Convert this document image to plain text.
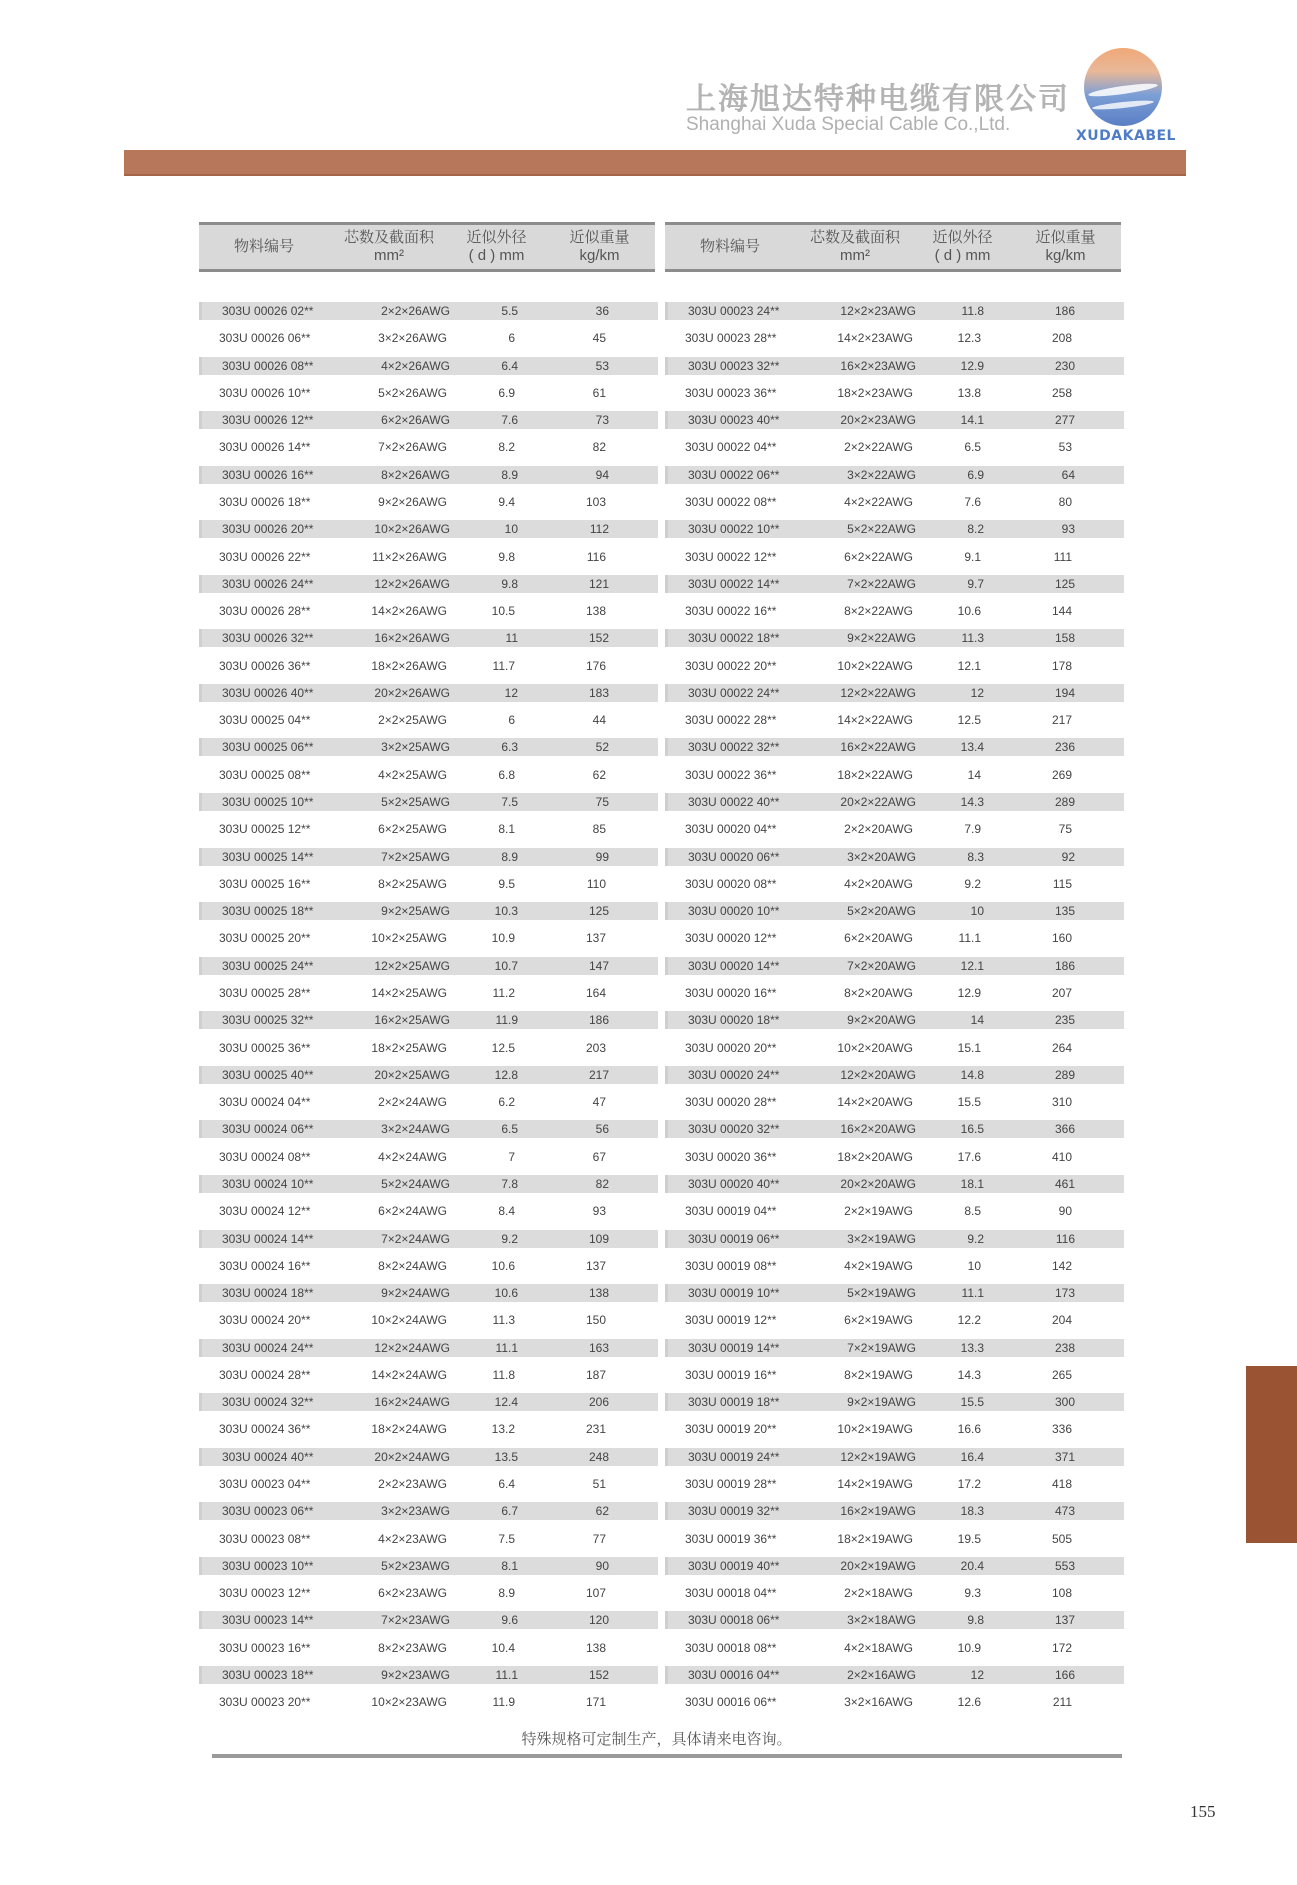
上海旭达特种电缆有限公司
Shanghai Xuda Special Cable Co.,Ltd.
XUDAKABEL
物料编号
芯数及截面积
mm²
近似外径
( d ) mm
近似重量
kg/km
303U 00026 02**	2×2×26AWG	5.5	36
303U 00026 06**	3×2×26AWG	6	45
303U 00026 08**	4×2×26AWG	6.4	53
303U 00026 10**	5×2×26AWG	6.9	61
303U 00026 12**	6×2×26AWG	7.6	73
303U 00026 14**	7×2×26AWG	8.2	82
303U 00026 16**	8×2×26AWG	8.9	94
303U 00026 18**	9×2×26AWG	9.4	103
303U 00026 20**	10×2×26AWG	10	112
303U 00026 22**	11×2×26AWG	9.8	116
303U 00026 24**	12×2×26AWG	9.8	121
303U 00026 28**	14×2×26AWG	10.5	138
303U 00026 32**	16×2×26AWG	11	152
303U 00026 36**	18×2×26AWG	11.7	176
303U 00026 40**	20×2×26AWG	12	183
303U 00025 04**	2×2×25AWG	6	44
303U 00025 06**	3×2×25AWG	6.3	52
303U 00025 08**	4×2×25AWG	6.8	62
303U 00025 10**	5×2×25AWG	7.5	75
303U 00025 12**	6×2×25AWG	8.1	85
303U 00025 14**	7×2×25AWG	8.9	99
303U 00025 16**	8×2×25AWG	9.5	110
303U 00025 18**	9×2×25AWG	10.3	125
303U 00025 20**	10×2×25AWG	10.9	137
303U 00025 24**	12×2×25AWG	10.7	147
303U 00025 28**	14×2×25AWG	11.2	164
303U 00025 32**	16×2×25AWG	11.9	186
303U 00025 36**	18×2×25AWG	12.5	203
303U 00025 40**	20×2×25AWG	12.8	217
303U 00024 04**	2×2×24AWG	6.2	47
303U 00024 06**	3×2×24AWG	6.5	56
303U 00024 08**	4×2×24AWG	7	67
303U 00024 10**	5×2×24AWG	7.8	82
303U 00024 12**	6×2×24AWG	8.4	93
303U 00024 14**	7×2×24AWG	9.2	109
303U 00024 16**	8×2×24AWG	10.6	137
303U 00024 18**	9×2×24AWG	10.6	138
303U 00024 20**	10×2×24AWG	11.3	150
303U 00024 24**	12×2×24AWG	11.1	163
303U 00024 28**	14×2×24AWG	11.8	187
303U 00024 32**	16×2×24AWG	12.4	206
303U 00024 36**	18×2×24AWG	13.2	231
303U 00024 40**	20×2×24AWG	13.5	248
303U 00023 04**	2×2×23AWG	6.4	51
303U 00023 06**	3×2×23AWG	6.7	62
303U 00023 08**	4×2×23AWG	7.5	77
303U 00023 10**	5×2×23AWG	8.1	90
303U 00023 12**	6×2×23AWG	8.9	107
303U 00023 14**	7×2×23AWG	9.6	120
303U 00023 16**	8×2×23AWG	10.4	138
303U 00023 18**	9×2×23AWG	11.1	152
303U 00023 20**	10×2×23AWG	11.9	171
物料编号
芯数及截面积
mm²
近似外径
( d ) mm
近似重量
kg/km
303U 00023 24**	12×2×23AWG	11.8	186
303U 00023 28**	14×2×23AWG	12.3	208
303U 00023 32**	16×2×23AWG	12.9	230
303U 00023 36**	18×2×23AWG	13.8	258
303U 00023 40**	20×2×23AWG	14.1	277
303U 00022 04**	2×2×22AWG	6.5	53
303U 00022 06**	3×2×22AWG	6.9	64
303U 00022 08**	4×2×22AWG	7.6	80
303U 00022 10**	5×2×22AWG	8.2	93
303U 00022 12**	6×2×22AWG	9.1	111
303U 00022 14**	7×2×22AWG	9.7	125
303U 00022 16**	8×2×22AWG	10.6	144
303U 00022 18**	9×2×22AWG	11.3	158
303U 00022 20**	10×2×22AWG	12.1	178
303U 00022 24**	12×2×22AWG	12	194
303U 00022 28**	14×2×22AWG	12.5	217
303U 00022 32**	16×2×22AWG	13.4	236
303U 00022 36**	18×2×22AWG	14	269
303U 00022 40**	20×2×22AWG	14.3	289
303U 00020 04**	2×2×20AWG	7.9	75
303U 00020 06**	3×2×20AWG	8.3	92
303U 00020 08**	4×2×20AWG	9.2	115
303U 00020 10**	5×2×20AWG	10	135
303U 00020 12**	6×2×20AWG	11.1	160
303U 00020 14**	7×2×20AWG	12.1	186
303U 00020 16**	8×2×20AWG	12.9	207
303U 00020 18**	9×2×20AWG	14	235
303U 00020 20**	10×2×20AWG	15.1	264
303U 00020 24**	12×2×20AWG	14.8	289
303U 00020 28**	14×2×20AWG	15.5	310
303U 00020 32**	16×2×20AWG	16.5	366
303U 00020 36**	18×2×20AWG	17.6	410
303U 00020 40**	20×2×20AWG	18.1	461
303U 00019 04**	2×2×19AWG	8.5	90
303U 00019 06**	3×2×19AWG	9.2	116
303U 00019 08**	4×2×19AWG	10	142
303U 00019 10**	5×2×19AWG	11.1	173
303U 00019 12**	6×2×19AWG	12.2	204
303U 00019 14**	7×2×19AWG	13.3	238
303U 00019 16**	8×2×19AWG	14.3	265
303U 00019 18**	9×2×19AWG	15.5	300
303U 00019 20**	10×2×19AWG	16.6	336
303U 00019 24**	12×2×19AWG	16.4	371
303U 00019 28**	14×2×19AWG	17.2	418
303U 00019 32**	16×2×19AWG	18.3	473
303U 00019 36**	18×2×19AWG	19.5	505
303U 00019 40**	20×2×19AWG	20.4	553
303U 00018 04**	2×2×18AWG	9.3	108
303U 00018 06**	3×2×18AWG	9.8	137
303U 00018 08**	4×2×18AWG	10.9	172
303U 00016 04**	2×2×16AWG	12	166
303U 00016 06**	3×2×16AWG	12.6	211
特殊规格可定制生产，具体请来电咨询。
155
